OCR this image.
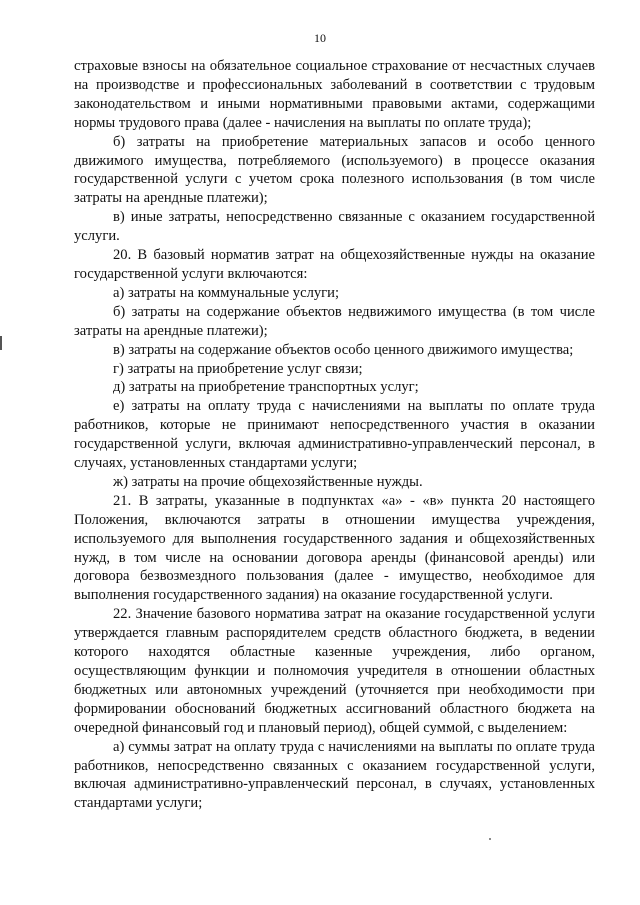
10

страховые взносы на обязательное социальное страхование от несчастных случаев на производстве и профессиональных заболеваний в соответствии с трудовым законодательством и иными нормативными правовыми актами, содержащими нормы трудового права (далее - начисления на выплаты по оплате труда);

б) затраты на приобретение материальных запасов и особо ценного движимого имущества, потребляемого (используемого) в процессе оказания государственной услуги с учетом срока полезного использования (в том числе затраты на арендные платежи);

в) иные затраты, непосредственно связанные с оказанием государственной услуги.

20. В базовый норматив затрат на общехозяйственные нужды на оказание государственной услуги включаются:

а) затраты на коммунальные услуги;

б) затраты на содержание объектов недвижимого имущества (в том числе затраты на арендные платежи);

в) затраты на содержание объектов особо ценного движимого имущества;

г) затраты на приобретение услуг связи;

д) затраты на приобретение транспортных услуг;

е) затраты на оплату труда с начислениями на выплаты по оплате труда работников, которые не принимают непосредственного участия в оказании государственной услуги, включая административно-управленческий персонал, в случаях, установленных стандартами услуги;

ж) затраты на прочие общехозяйственные нужды.

21. В затраты, указанные в подпунктах «а» - «в» пункта 20 настоящего Положения, включаются затраты в отношении имущества учреждения, используемого для выполнения государственного задания и общехозяйственных нужд, в том числе на основании договора аренды (финансовой аренды) или договора безвозмездного пользования (далее - имущество, необходимое для выполнения государственного задания) на оказание государственной услуги.

22. Значение базового норматива затрат на оказание государственной услуги утверждается главным распорядителем средств областного бюджета, в ведении которого находятся областные казенные учреждения, либо органом, осуществляющим функции и полномочия учредителя в отношении областных бюджетных или автономных учреждений (уточняется при необходимости при формировании обоснований бюджетных ассигнований областного бюджета на очередной финансовый год и плановый период), общей суммой, с выделением:

а) суммы затрат на оплату труда с начислениями на выплаты по оплате труда работников, непосредственно связанных с оказанием государственной услуги, включая административно-управленческий персонал, в случаях, установленных стандартами услуги;
